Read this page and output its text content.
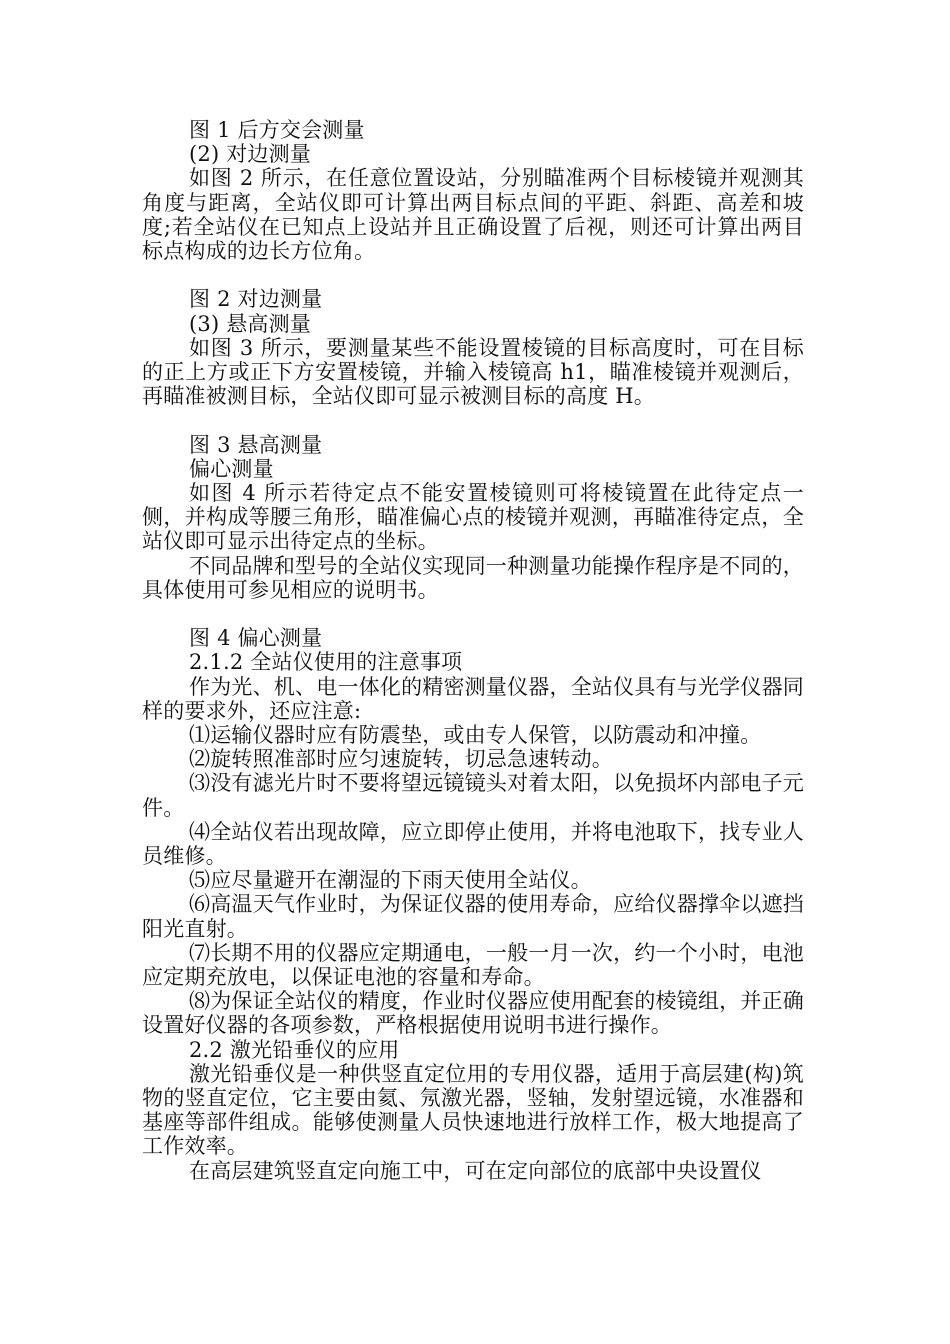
图 1 后方交会测量

(2) 对边测量

如图 2 所示，在任意位置设站，分别瞄准两个目标棱镜并观测其角度与距离，全站仪即可计算出两目标点间的平距、斜距、高差和坡度;若全站仪在已知点上设站并且正确设置了后视，则还可计算出两目标点构成的边长方位角。

图 2 对边测量

(3) 悬高测量

如图 3 所示，要测量某些不能设置棱镜的目标高度时，可在目标的正上方或正下方安置棱镜，并输入棱镜高 h1，瞄准棱镜并观测后，再瞄准被测目标，全站仪即可显示被测目标的高度 H。

图 3 悬高测量

偏心测量

如图 4 所示若待定点不能安置棱镜则可将棱镜置在此待定点一侧，并构成等腰三角形，瞄准偏心点的棱镜并观测，再瞄准待定点，全站仪即可显示出待定点的坐标。

不同品牌和型号的全站仪实现同一种测量功能操作程序是不同的，具体使用可参见相应的说明书。

图 4 偏心测量

2.1.2 全站仪使用的注意事项

作为光、机、电一体化的精密测量仪器，全站仪具有与光学仪器同样的要求外，还应注意:

⑴运输仪器时应有防震垫，或由专人保管，以防震动和冲撞。

⑵旋转照准部时应匀速旋转，切忌急速转动。

⑶没有滤光片时不要将望远镜镜头对着太阳，以免损坏内部电子元件。

⑷全站仪若出现故障，应立即停止使用，并将电池取下，找专业人员维修。

⑸应尽量避开在潮湿的下雨天使用全站仪。

⑹高温天气作业时，为保证仪器的使用寿命，应给仪器撑伞以遮挡阳光直射。

⑺长期不用的仪器应定期通电，一般一月一次，约一个小时，电池应定期充放电，以保证电池的容量和寿命。

⑻为保证全站仪的精度，作业时仪器应使用配套的棱镜组，并正确设置好仪器的各项参数，严格根据使用说明书进行操作。

2.2 激光铅垂仪的应用

激光铅垂仪是一种供竖直定位用的专用仪器，适用于高层建(构)筑物的竖直定位，它主要由氦、氖激光器，竖轴，发射望远镜，水准器和基座等部件组成。能够使测量人员快速地进行放样工作，极大地提高了工作效率。

在高层建筑竖直定向施工中，可在定向部位的底部中央设置仪
